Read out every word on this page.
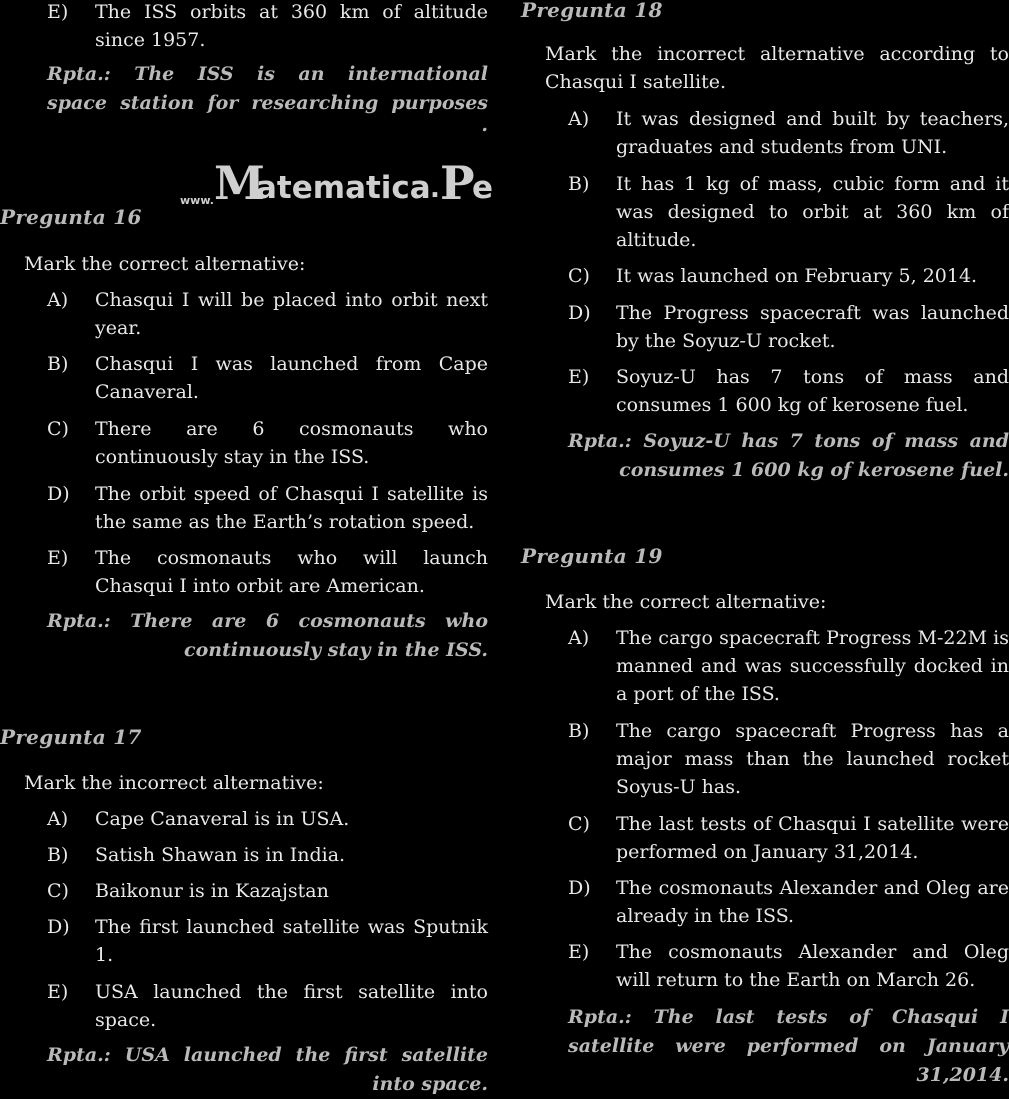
E) The ISS orbits at 360 km of altitude since 1957.
Rpta.: The ISS is an international
space station for researching purposes
.
www. M
atematica . P
e
Pregunta 16
Mark the correct alternative:
A) Chasqui I will be placed into orbit next year.
B) Chasqui I was launched from Cape Canaveral.
C) There are 6 cosmonauts who continuously stay in the ISS.
D) The orbit speed of Chasqui I satellite is the same as the Earth’s rotation speed.
E) The cosmonauts who will launch Chasqui I into orbit are American.
Rpta.: There are 6 cosmonauts who
continuously stay in the ISS.
Pregunta 17
Mark the incorrect alternative:
A) Cape Canaveral is in USA.
B) Satish Shawan is in India.
C) Baikonur is in Kazajstan
D) The first launched satellite was Sputnik 1.
E) USA launched the first satellite into space.
Rpta.: USA launched the first satellite
into space.
Pregunta 18
Mark the incorrect alternative according to Chasqui I satellite.
A) It was designed and built by teachers, graduates and students from UNI.
B) It has 1 kg of mass, cubic form and it was designed to orbit at 360 km of altitude.
C) It was launched on February 5, 2014.
D) The Progress spacecraft was launched by the Soyuz-U rocket.
E) Soyuz-U has 7 tons of mass and consumes 1 600 kg of kerosene fuel.
Rpta.: Soyuz-U has 7 tons of mass and
consumes 1 600 kg of kerosene fuel.
Pregunta 19
Mark the correct alternative:
A) The cargo spacecraft Progress M-22M is manned and was successfully docked in a port of the ISS.
B) The cargo spacecraft Progress has a major mass than the launched rocket Soyus-U has.
C) The last tests of Chasqui I satellite were performed on January 31,2014.
D) The cosmonauts Alexander and Oleg are already in the ISS.
E) The cosmonauts Alexander and Oleg will return to the Earth on March 26.
Rpta.: The last tests of Chasqui I
satellite were performed on January
31,2014.
